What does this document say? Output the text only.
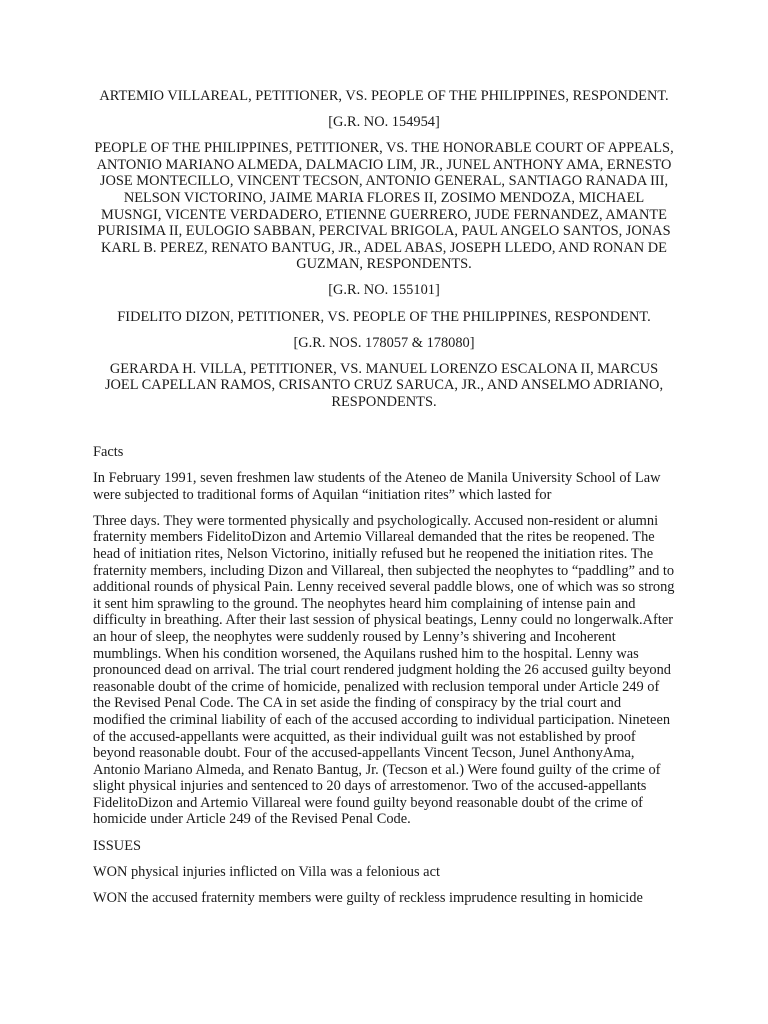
ARTEMIO VILLAREAL, PETITIONER, VS. PEOPLE OF THE PHILIPPINES, RESPONDENT.

[G.R. NO. 154954]

PEOPLE OF THE PHILIPPINES, PETITIONER, VS. THE HONORABLE COURT OF APPEALS, ANTONIO MARIANO ALMEDA, DALMACIO LIM, JR., JUNEL ANTHONY AMA, ERNESTO JOSE MONTECILLO, VINCENT TECSON, ANTONIO GENERAL, SANTIAGO RANADA III, NELSON VICTORINO, JAIME MARIA FLORES II, ZOSIMO MENDOZA, MICHAEL MUSNGI, VICENTE VERDADERO, ETIENNE GUERRERO, JUDE FERNANDEZ, AMANTE PURISIMA II, EULOGIO SABBAN, PERCIVAL BRIGOLA, PAUL ANGELO SANTOS, JONAS KARL B. PEREZ, RENATO BANTUG, JR., ADEL ABAS, JOSEPH LLEDO, AND RONAN DE GUZMAN, RESPONDENTS.

[G.R. NO. 155101]

FIDELITO DIZON, PETITIONER, VS. PEOPLE OF THE PHILIPPINES, RESPONDENT.

[G.R. NOS. 178057 & 178080]

GERARDA H. VILLA, PETITIONER, VS. MANUEL LORENZO ESCALONA II, MARCUS JOEL CAPELLAN RAMOS, CRISANTO CRUZ SARUCA, JR., AND ANSELMO ADRIANO, RESPONDENTS.

Facts

In February 1991, seven freshmen law students of the Ateneo de Manila University School of Law were subjected to traditional forms of Aquilan “initiation rites” which lasted for

Three days. They were tormented physically and psychologically. Accused non-resident or alumni fraternity members FidelitoDizon and Artemio Villareal demanded that the rites be reopened. The head of initiation rites, Nelson Victorino, initially refused but he reopened the initiation rites. The fraternity members, including Dizon and Villareal, then subjected the neophytes to “paddling” and to additional rounds of physical Pain. Lenny received several paddle blows, one of which was so strong it sent him sprawling to the ground. The neophytes heard him complaining of intense pain and difficulty in breathing. After their last session of physical beatings, Lenny could no longerwalk.After an hour of sleep, the neophytes were suddenly roused by Lenny’s shivering and Incoherent mumblings. When his condition worsened, the Aquilans rushed him to the hospital. Lenny was pronounced dead on arrival. The trial court rendered judgment holding the 26 accused guilty beyond reasonable doubt of the crime of homicide, penalized with reclusion temporal under Article 249 of the Revised Penal Code. The CA in set aside the finding of conspiracy by the trial court and modified the criminal liability of each of the accused according to individual participation. Nineteen of the accused-appellants were acquitted, as their individual guilt was not established by proof beyond reasonable doubt. Four of the accused-appellants Vincent Tecson, Junel AnthonyAma, Antonio Mariano Almeda, and Renato Bantug, Jr. (Tecson et al.) Were found guilty of the crime of slight physical injuries and sentenced to 20 days of arrestomenor. Two of the accused-appellants FidelitoDizon and Artemio Villareal were found guilty beyond reasonable doubt of the crime of homicide under Article 249 of the Revised Penal Code.

ISSUES

WON physical injuries inflicted on Villa was a felonious act

WON the accused fraternity members were guilty of reckless imprudence resulting in homicide
